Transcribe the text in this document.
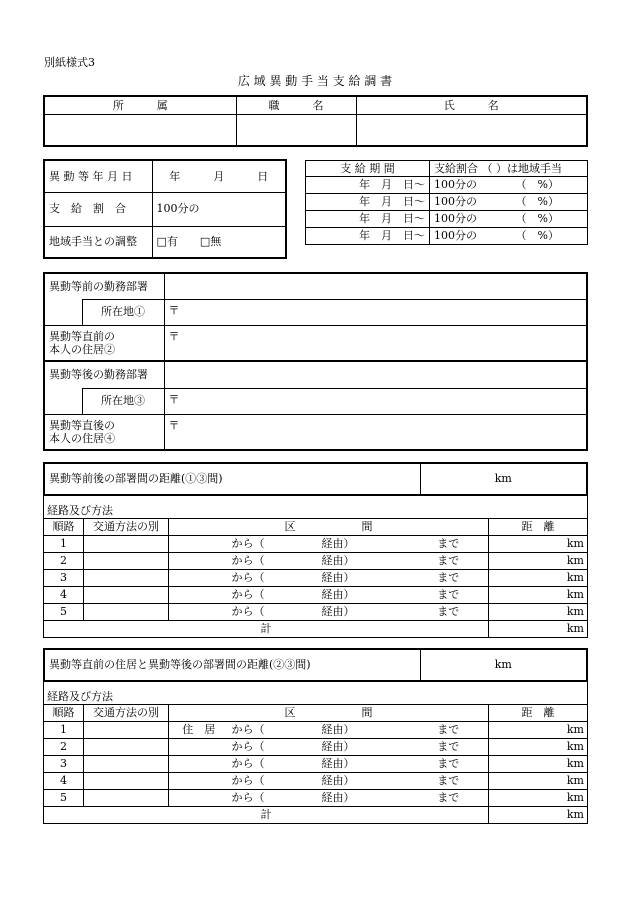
別紙様式3
広 域 異 動 手 当 支 給 調 書
所　　　属	職　　　名	氏　　　名

異 動 等 年 月 日	年　　　月　　　日
支　給　割　合	100分の
地域手当との調整	□有　　□無
支 給 期 間	支給割合 （ ）は地域手当
年　月　日～	100分の　　　　（　%）
年　月　日～	100分の　　　　（　%）
年　月　日～	100分の　　　　（　%）
年　月　日～	100分の　　　　（　%）
異動等前の勤務部署		
	所在地①	〒

異動等直前の
本人の住居②		〒
異動等後の勤務部署		
	所在地③	〒

異動等直後の
本人の住居④		〒
異動等前後の部署間の距離(①③間)	km
経路及び方法						
順路	交通方法の別	区　　　　　　間				距　離
1			から（	経由）	まで	km
2			から（	経由）	まで	km
3			から（	経由）	まで	km
4			から（	経由）	まで	km
5			から（	経由）	まで	km
計						km
異動等直前の住居と異動等後の部署間の距離(②③間)	km
経路及び方法						
順路	交通方法の別	区　　　　　　間				距　離
1		住　居	から（	経由）	まで	km
2			から（	経由）	まで	km
3			から（	経由）	まで	km
4			から（	経由）	まで	km
5			から（	経由）	まで	km
計						km
